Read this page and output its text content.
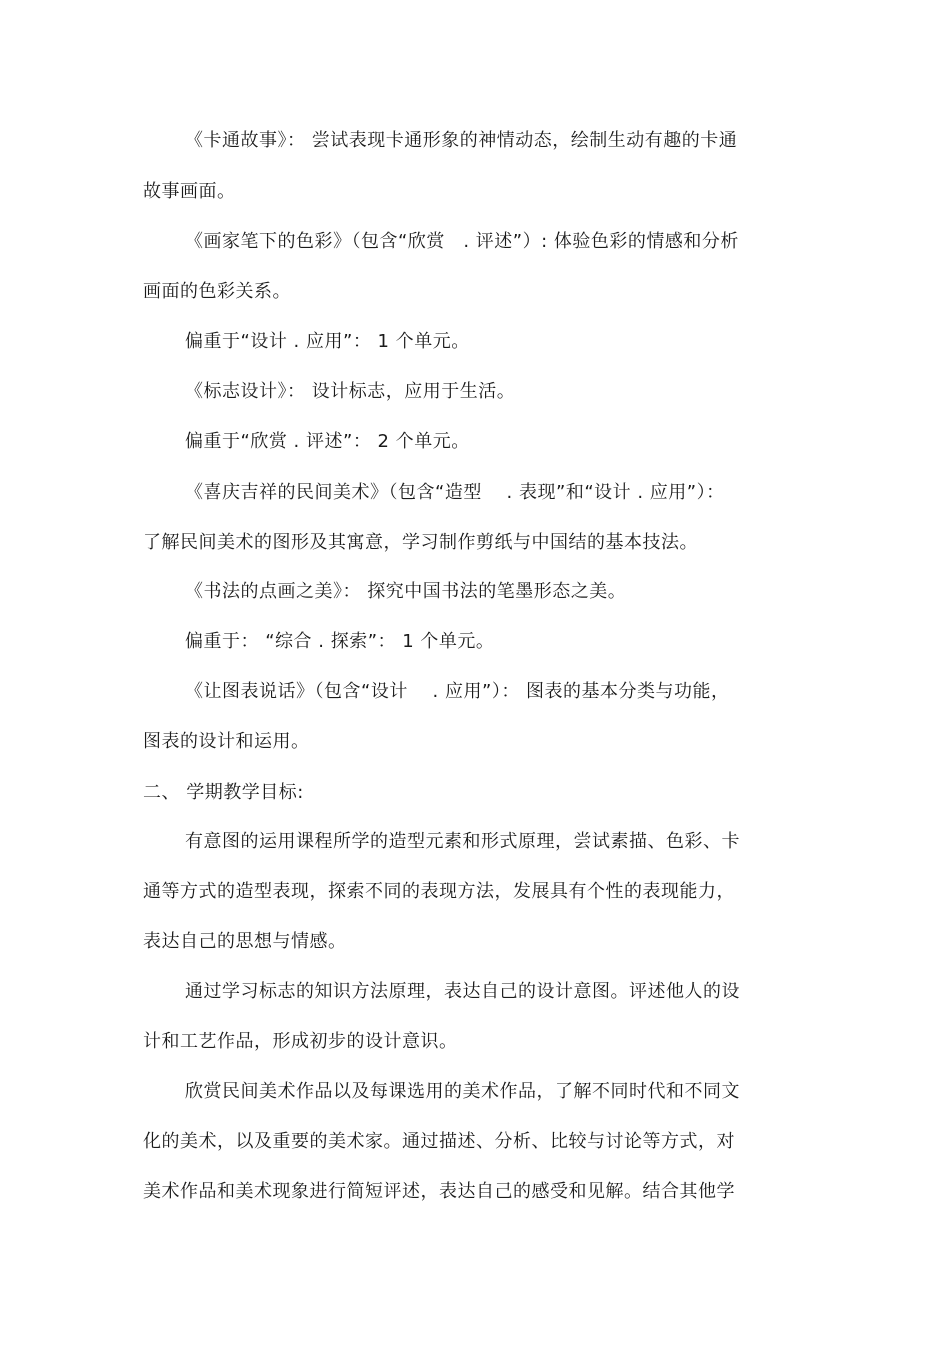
《卡通故事》： 尝试表现卡通形象的神情动态，绘制生动有趣的卡通
故事画面。
《画家笔下的色彩》（包含“欣赏　. 评述”）: 体验色彩的情感和分析
画面的色彩关系。
偏重于“设计 . 应用”： 1 个单元。
《标志设计》： 设计标志，应用于生活。
偏重于“欣赏 . 评述”： 2 个单元。
《喜庆吉祥的民间美术》（包含“造型　 . 表现”和“设计 . 应用”）：
了解民间美术的图形及其寓意，学习制作剪纸与中国结的基本技法。
《书法的点画之美》： 探究中国书法的笔墨形态之美。
偏重于： “综合 . 探索”： 1 个单元。
《让图表说话》（包含“设计　 . 应用”）： 图表的基本分类与功能，
图表的设计和运用。
二、 学期教学目标:
有意图的运用课程所学的造型元素和形式原理，尝试素描、色彩、卡
通等方式的造型表现，探索不同的表现方法，发展具有个性的表现能力，
表达自己的思想与情感。
通过学习标志的知识方法原理，表达自己的设计意图。评述他人的设
计和工艺作品，形成初步的设计意识。
欣赏民间美术作品以及每课选用的美术作品，了解不同时代和不同文
化的美术，以及重要的美术家。通过描述、分析、比较与讨论等方式，对
美术作品和美术现象进行简短评述，表达自己的感受和见解。结合其他学
